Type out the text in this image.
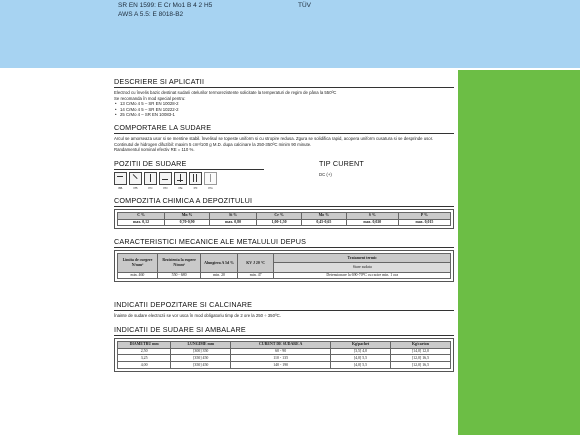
SR EN 1599: E Cr Mo1 B 4 2 H5
AWS A 5.5: E 8018-B2
TÜV
DESCRIERE SI APLICATII
Electrod cu învelis bazic destinat sudarii otelurilor termorezistente solicitate la temperaturi de regim de pâna la 550⁰C
Se recomanda în mod special pentru:
• 13 CrMo 4 5 – SR EN 10028-2
• 14 CrMo 4 5 – SR EN 10222-2
• 25 CrMo 4 – SR EN 10083-1
COMPORTARE LA SUDARE
Arcul se amorseaza usor si se mentine stabil. Învelisul se topeste uniform si cu stropire redusa. Zgura se solidifica rapid, acopera uniform cusatura si se desprinde usor.
Continutul de hidrogen difuzibil: maxim 5 cm³/100 g M.D. dupa calcinare la 250-350⁰C minim 90 minute.
Randamentul nominal efectiv RE = 110 %.
POZITII DE SUDARE
PA	PB	PC	PD	PE	PF	PG
TIP CURENT
DC (+)
COMPOZITIA CHIMICA A DEPOZITULUI
C %	Mn %	Si %	Cr %	Mo %	S %	P %
max. 0,12	0,70-0,90	max. 0,80	1,00-1,50	0,45-0,65	max. 0,020	max. 0,015
CARACTERISTICI MECANICE ALE METALULUI DEPUS
Limita de curgere N/mm²	Rezistenta la rupere N/mm²	Alungirea A 5d %	KV J 20 °C	Tratament termic
				Stare sudata
min. 460	550 - 680	min. 20	min. 47	Detensionare la 690-70⁰C cu racire min. 1 ora
INDICATII DEPOZITARE SI CALCINARE
Înainte de sudare electrozii se vor usca în mod obligatoriu timp de 2 ore la 250 ÷ 350⁰C.
INDICATII DE SUDARE SI AMBALARE
DIAMETRU mm	LUNGIME mm	CURENT DE SUDARE A	Kg/pachet	Kg/carton
2,50	[300] 350	60 - 90	[3,5] 4,0	[14,0] 12,0
3,25	[350] 450	110 - 135	[4,0] 5,5	[12,0] 16,5
4,00	[350] 450	140 - 190	[4,0] 5,5	[12,0] 16,5
